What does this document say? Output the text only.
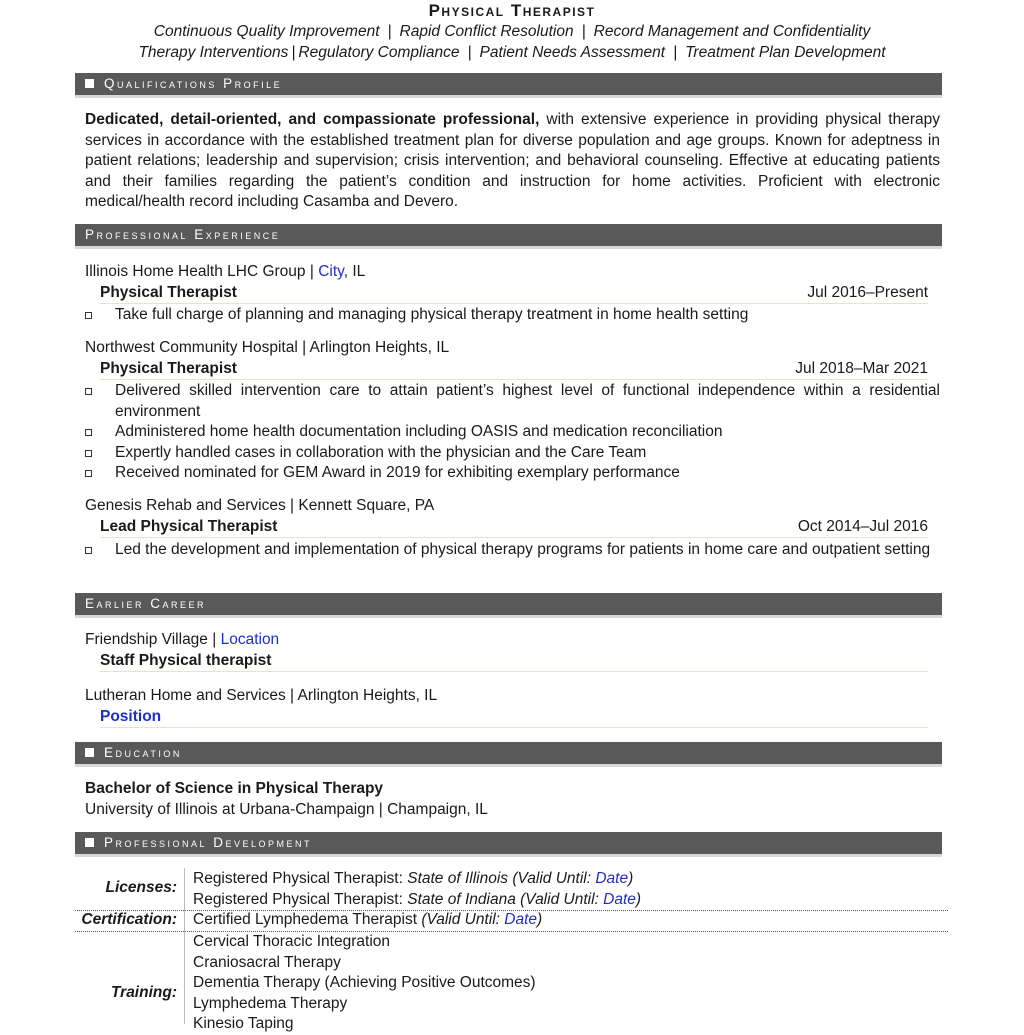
Physical Therapist
Continuous Quality Improvement | Rapid Conflict Resolution | Record Management and Confidentiality
Therapy Interventions | Regulatory Compliance | Patient Needs Assessment | Treatment Plan Development
Qualifications Profile
Dedicated, detail-oriented, and compassionate professional, with extensive experience in providing physical therapy services in accordance with the established treatment plan for diverse population and age groups. Known for adeptness in patient relations; leadership and supervision; crisis intervention; and behavioral counseling. Effective at educating patients and their families regarding the patient’s condition and instruction for home activities. Proficient with electronic medical/health record including Casamba and Devero.
Professional Experience
Illinois Home Health LHC Group | City, IL
Physical Therapist	Jul 2016–Present
Take full charge of planning and managing physical therapy treatment in home health setting
Northwest Community Hospital | Arlington Heights, IL
Physical Therapist	Jul 2018–Mar 2021
Delivered skilled intervention care to attain patient’s highest level of functional independence within a residential environment
Administered home health documentation including OASIS and medication reconciliation
Expertly handled cases in collaboration with the physician and the Care Team
Received nominated for GEM Award in 2019 for exhibiting exemplary performance
Genesis Rehab and Services | Kennett Square, PA
Lead Physical Therapist	Oct 2014–Jul 2016
Led the development and implementation of physical therapy programs for patients in home care and outpatient setting
Earlier Career
Friendship Village | Location
Staff Physical therapist
Lutheran Home and Services | Arlington Heights, IL
Position
Education
Bachelor of Science in Physical Therapy
University of Illinois at Urbana-Champaign | Champaign, IL
Professional Development
Licenses:
Registered Physical Therapist: State of Illinois (Valid Until: Date)
Registered Physical Therapist: State of Indiana (Valid Until: Date)
Certification: Certified Lymphedema Therapist (Valid Until: Date)
Training:
Cervical Thoracic Integration
Craniosacral Therapy
Dementia Therapy (Achieving Positive Outcomes)
Lymphedema Therapy
Kinesio Taping
